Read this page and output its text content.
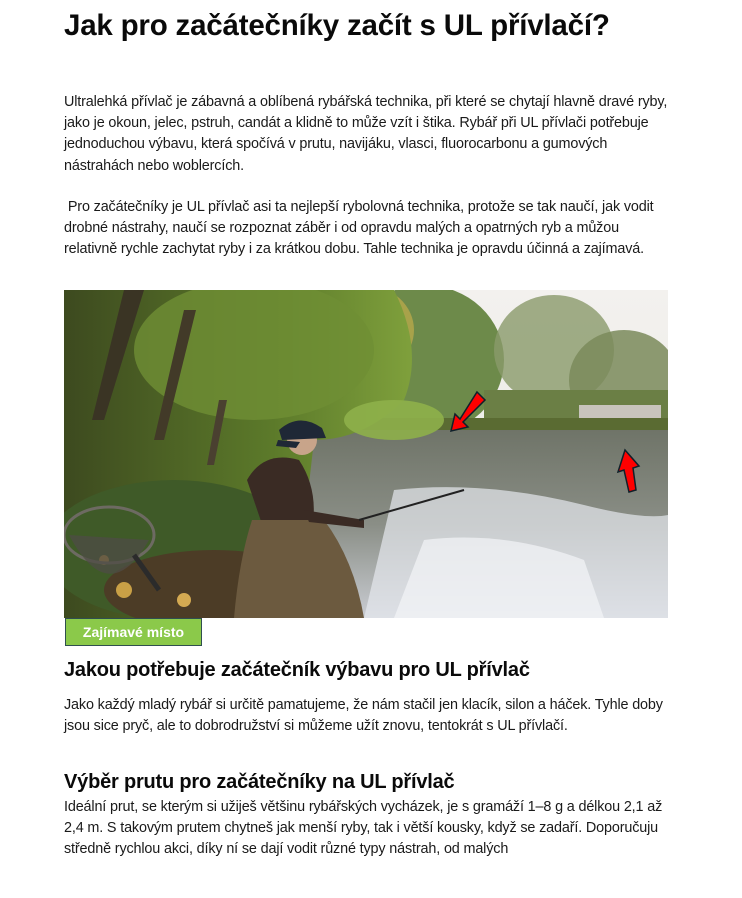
Jak pro začátečníky začít s UL přívlačí?

Ultralehká přívlač je zábavná a oblíbená rybářská technika, při které se chytají hlavně dravé ryby, jako je okoun, jelec, pstruh, candát a klidně to může vzít i štika. Rybář při UL přívlači potřebuje jednoduchou výbavu, která spočívá v prutu, navijáku, vlasci, fluorocarbonu a gumových nástrahách nebo woblercích.

Pro začátečníky je UL přívlač asi ta nejlepší rybolovná technika, protože se tak naučí, jak vodit drobné nástrahy, naučí se rozpoznat záběr i od opravdu malých a opatrných ryb a můžou relativně rychle zachytat ryby i za krátkou dobu. Tahle technika je opravdu účinná a zajímavá.

Zajímavé místo
Jakou potřebuje začátečník výbavu pro UL přívlač

Jako každý mladý rybář si určitě pamatujeme, že nám stačil jen klacík, silon a háček. Tyhle doby jsou sice pryč, ale to dobrodružství si můžeme užít znovu, tentokrát s UL přívlačí.

Výběr prutu pro začátečníky na UL přívlač

Ideální prut, se kterým si užiješ většinu rybářských vycházek, je s gramáží 1–8 g a délkou 2,1 až 2,4 m. S takovým prutem chytneš jak menší ryby, tak i větší kousky, když se zadaří. Doporučuju středně rychlou akci, díky ní se dají vodit různé typy nástrah, od malých
